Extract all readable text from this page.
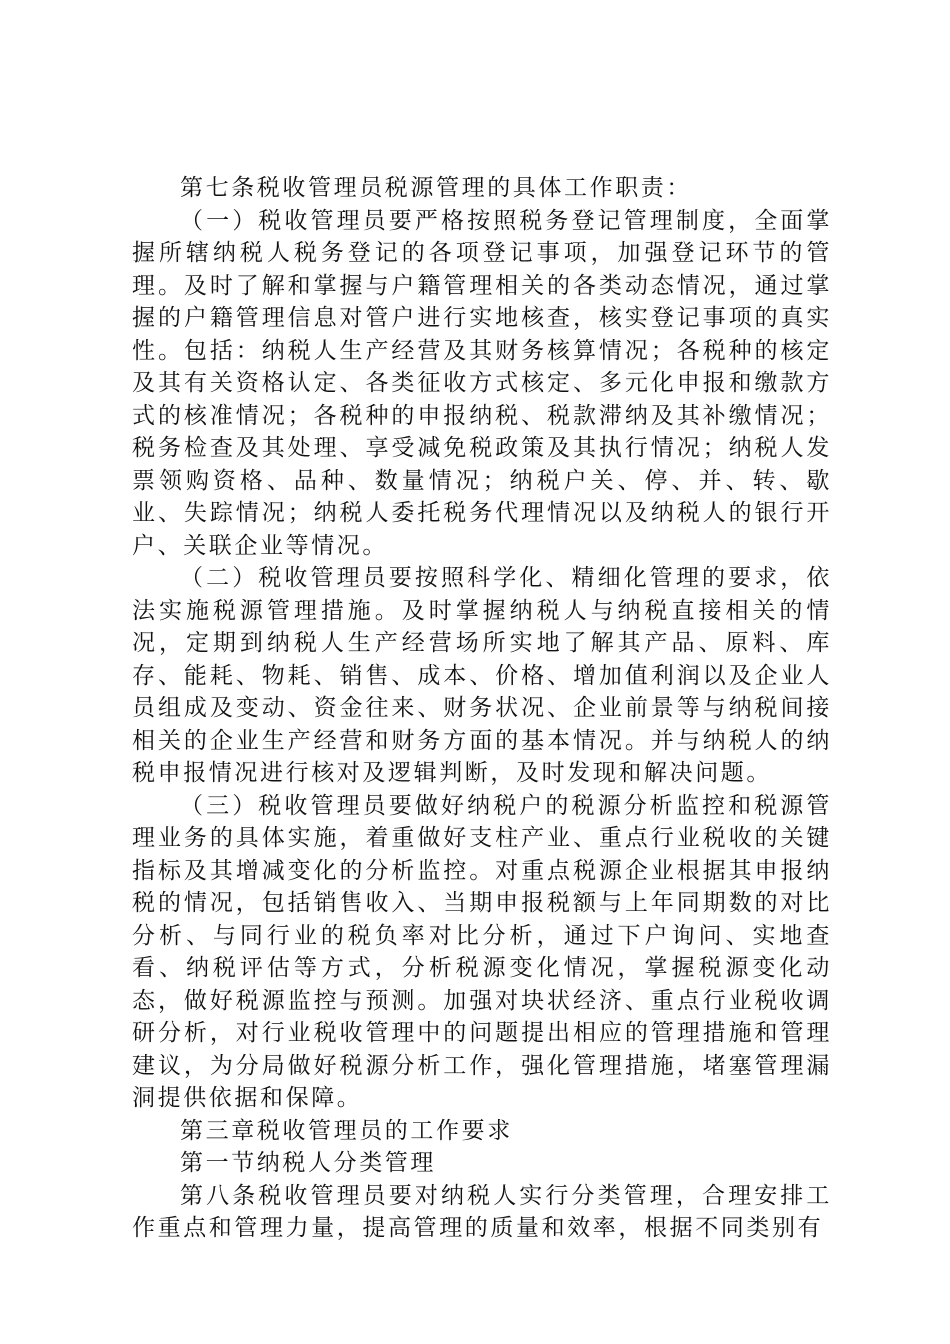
第七条税收管理员税源管理的具体工作职责：

（一）税收管理员要严格按照税务登记管理制度，全面掌握所辖纳税人税务登记的各项登记事项，加强登记环节的管理。及时了解和掌握与户籍管理相关的各类动态情况，通过掌握的户籍管理信息对管户进行实地核查，核实登记事项的真实性。包括：纳税人生产经营及其财务核算情况；各税种的核定及其有关资格认定、各类征收方式核定、多元化申报和缴款方式的核准情况；各税种的申报纳税、税款滞纳及其补缴情况；税务检查及其处理、享受减免税政策及其执行情况；纳税人发票领购资格、品种、数量情况；纳税户关、停、并、转、歇业、失踪情况；纳税人委托税务代理情况以及纳税人的银行开户、关联企业等情况。

（二）税收管理员要按照科学化、精细化管理的要求，依法实施税源管理措施。及时掌握纳税人与纳税直接相关的情况，定期到纳税人生产经营场所实地了解其产品、原料、库存、能耗、物耗、销售、成本、价格、增加值利润以及企业人员组成及变动、资金往来、财务状况、企业前景等与纳税间接相关的企业生产经营和财务方面的基本情况。并与纳税人的纳税申报情况进行核对及逻辑判断，及时发现和解决问题。

（三）税收管理员要做好纳税户的税源分析监控和税源管理业务的具体实施，着重做好支柱产业、重点行业税收的关键指标及其增减变化的分析监控。对重点税源企业根据其申报纳税的情况，包括销售收入、当期申报税额与上年同期数的对比分析、与同行业的税负率对比分析，通过下户询问、实地查看、纳税评估等方式，分析税源变化情况，掌握税源变化动态，做好税源监控与预测。加强对块状经济、重点行业税收调研分析，对行业税收管理中的问题提出相应的管理措施和管理建议，为分局做好税源分析工作，强化管理措施，堵塞管理漏洞提供依据和保障。

第三章税收管理员的工作要求

第一节纳税人分类管理

第八条税收管理员要对纳税人实行分类管理，合理安排工作重点和管理力量，提高管理的质量和效率，根据不同类别有
